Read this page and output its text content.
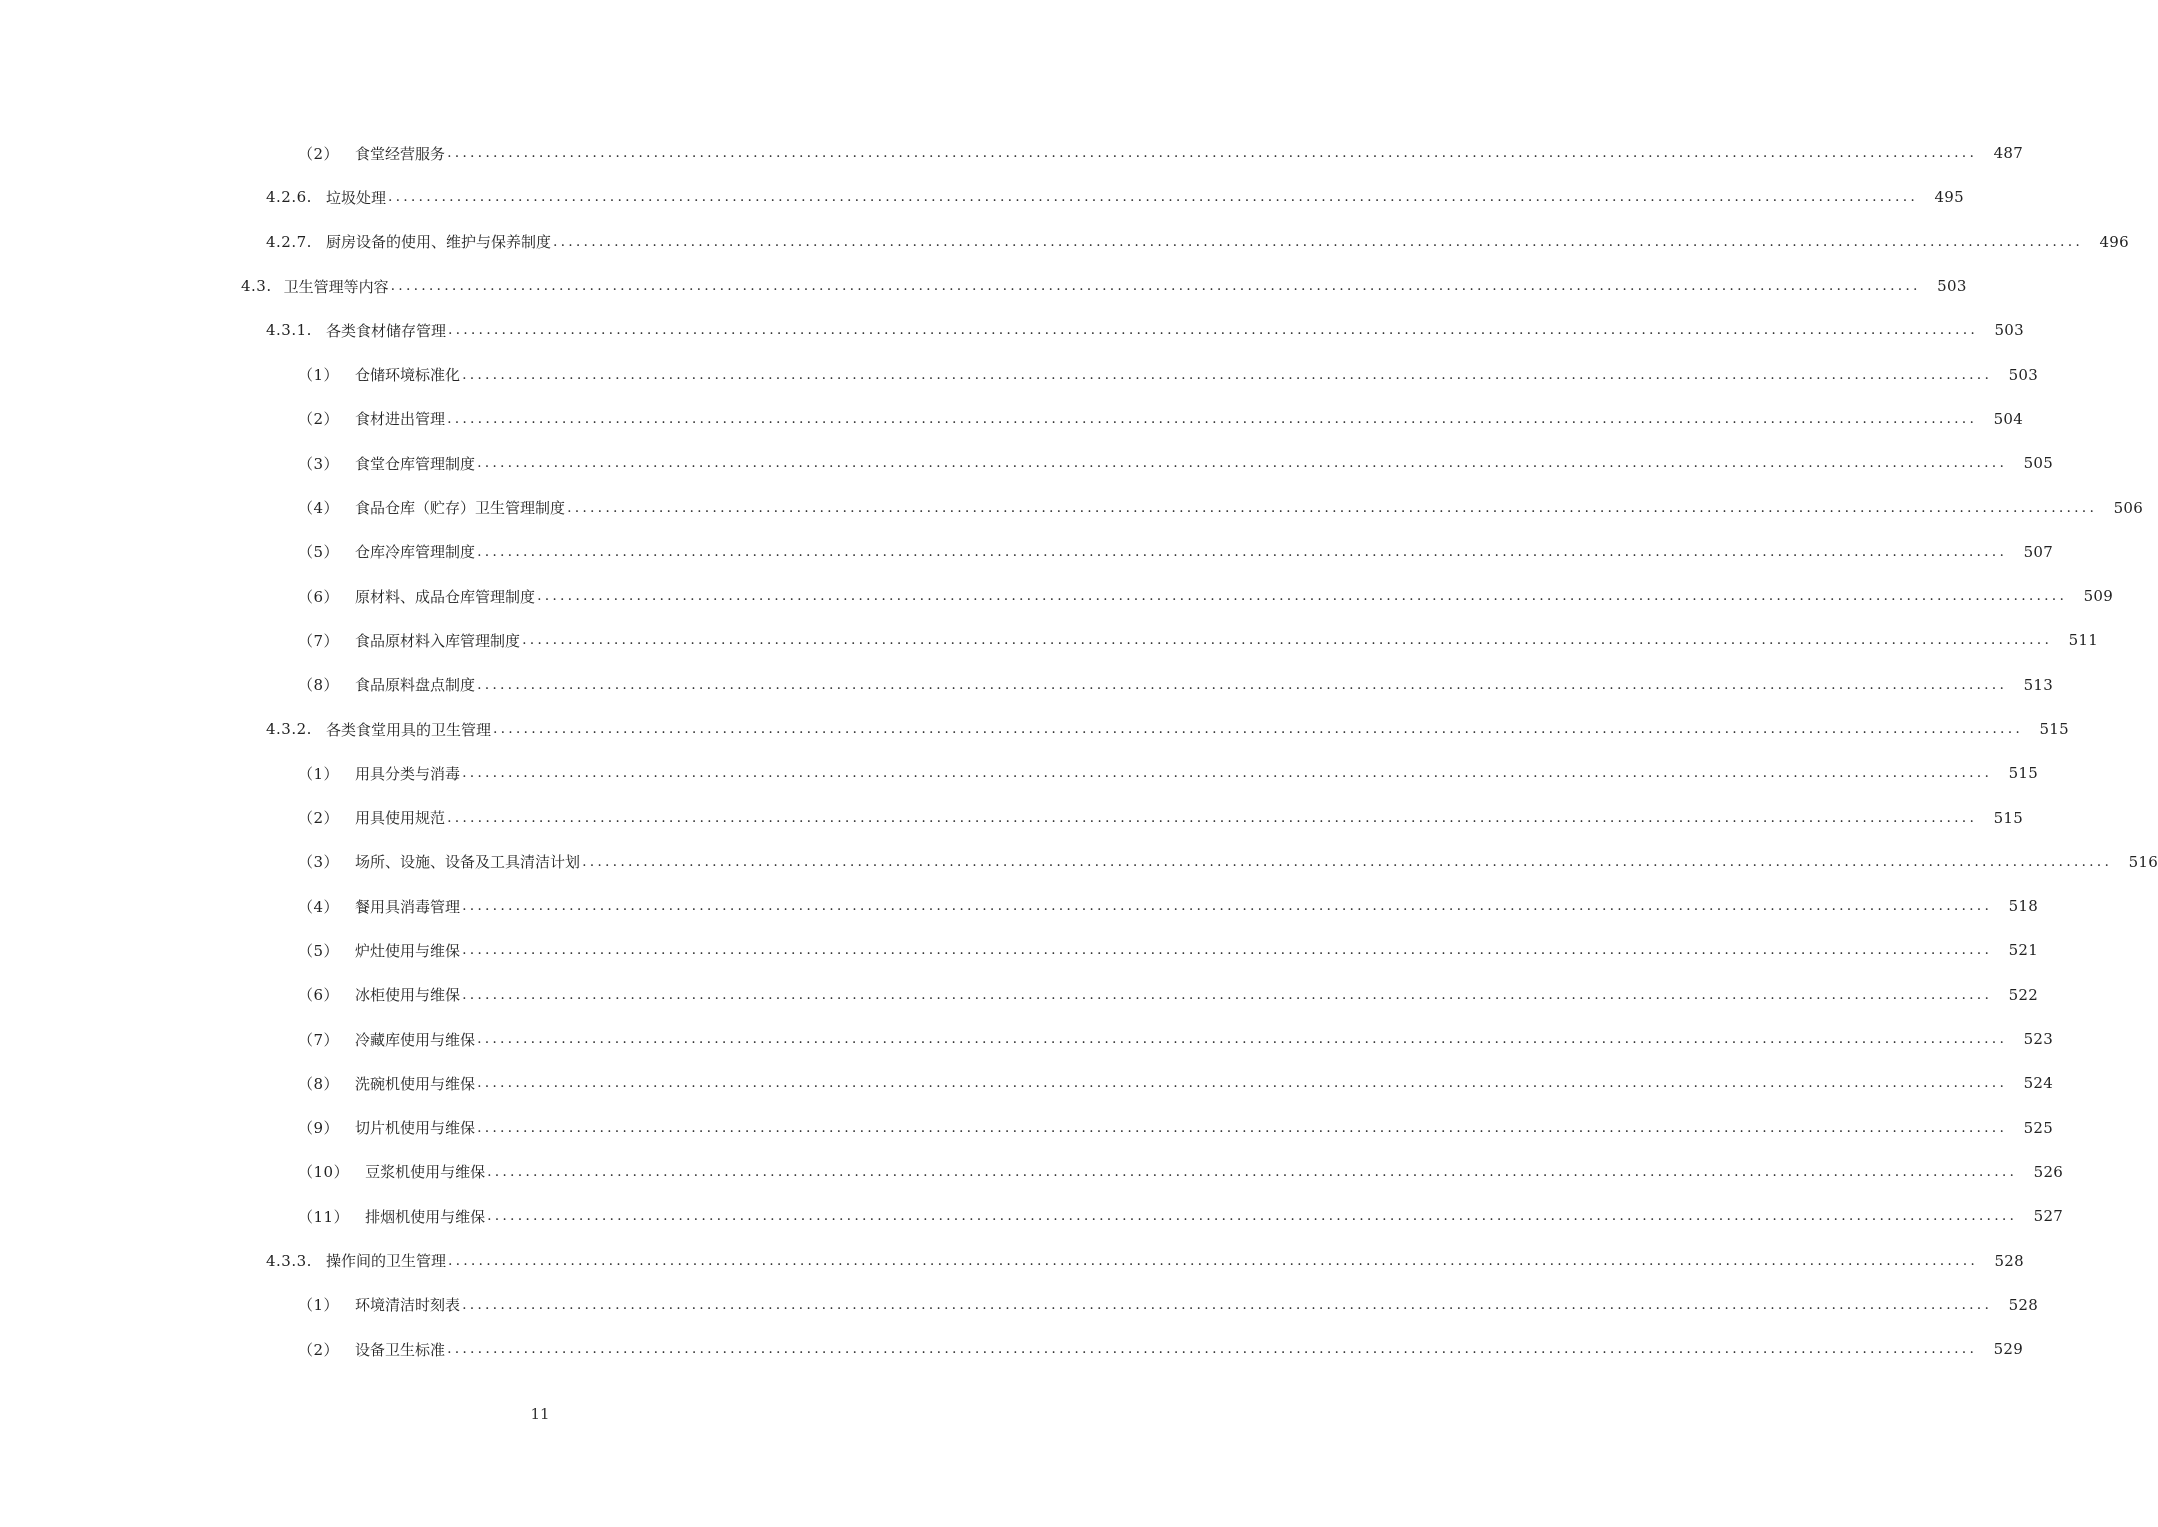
（2） 食堂经营服务 ........................................................................................................................................................................................................	487
4.2.6. 垃圾处理 ........................................................................................................................................................................................................	495
4.2.7. 厨房设备的使用、维护与保养制度 ........................................................................................................................................................................................................	496
4.3. 卫生管理等内容 ........................................................................................................................................................................................................	503
4.3.1. 各类食材储存管理 ........................................................................................................................................................................................................	503
（1） 仓储环境标准化 ........................................................................................................................................................................................................	503
（2） 食材进出管理 ........................................................................................................................................................................................................	504
（3） 食堂仓库管理制度 ........................................................................................................................................................................................................	505
（4） 食品仓库（贮存）卫生管理制度 ........................................................................................................................................................................................................	506
（5） 仓库冷库管理制度 ........................................................................................................................................................................................................	507
（6） 原材料、成品仓库管理制度 ........................................................................................................................................................................................................	509
（7） 食品原材料入库管理制度 ........................................................................................................................................................................................................	511
（8） 食品原料盘点制度 ........................................................................................................................................................................................................	513
4.3.2. 各类食堂用具的卫生管理 ........................................................................................................................................................................................................	515
（1） 用具分类与消毒 ........................................................................................................................................................................................................	515
（2） 用具使用规范 ........................................................................................................................................................................................................	515
（3） 场所、设施、设备及工具清洁计划 ........................................................................................................................................................................................................	516
（4） 餐用具消毒管理 ........................................................................................................................................................................................................	518
（5） 炉灶使用与维保 ........................................................................................................................................................................................................	521
（6） 冰柜使用与维保 ........................................................................................................................................................................................................	522
（7） 冷藏库使用与维保 ........................................................................................................................................................................................................	523
（8） 洗碗机使用与维保 ........................................................................................................................................................................................................	524
（9） 切片机使用与维保 ........................................................................................................................................................................................................	525
（10） 豆浆机使用与维保 ........................................................................................................................................................................................................	526
（11） 排烟机使用与维保 ........................................................................................................................................................................................................	527
4.3.3. 操作间的卫生管理 ........................................................................................................................................................................................................	528
（1） 环境清洁时刻表 ........................................................................................................................................................................................................	528
（2） 设备卫生标准 ........................................................................................................................................................................................................	529
11
